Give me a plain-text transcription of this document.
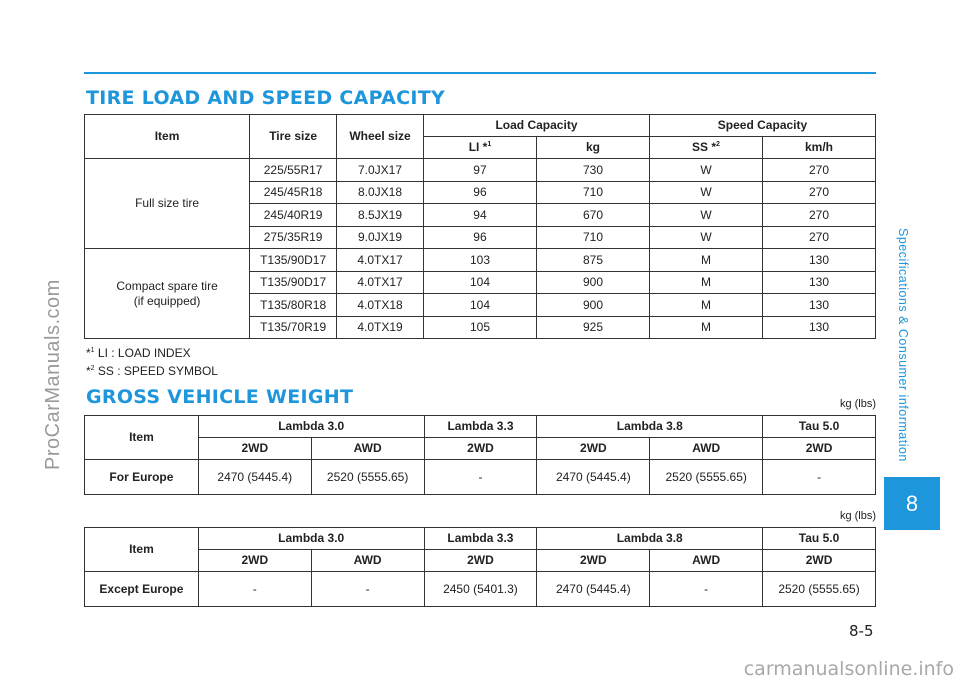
TIRE LOAD AND SPEED CAPACITY
Item	Tire size	Wheel size	Load Capacity		Speed Capacity	
			LI *$^1$	kg	SS *$^2$	km/h
Full size tire	225/55R17	7.0JX17	97	730	W	270
	245/45R18	8.0JX18	96	710	W	270
	245/40R19	8.5JX19	94	670	W	270
	275/35R19	9.0JX19	96	710	W	270
Compact spare tire
(if equipped)	T135/90D17	4.0TX17	103	875	M	130
	T135/90D17	4.0TX17	104	900	M	130
	T135/80R18	4.0TX18	104	900	M	130
	T135/70R19	4.0TX19	105	925	M	130
*$^1$ LI : LOAD INDEX
*$^2$ SS : SPEED SYMBOL
GROSS VEHICLE WEIGHT	kg (lbs)
Item	Lambda 3.0		Lambda 3.3	Lambda 3.8		Tau 5.0
	2WD	AWD	2WD	2WD	AWD	2WD
For Europe	2470 (5445.4)	2520 (5555.65)	-	2470 (5445.4)	2520 (5555.65)	-
kg (lbs)
Item	Lambda 3.0		Lambda 3.3	Lambda 3.8		Tau 5.0
	2WD	AWD	2WD	2WD	AWD	2WD
Except Europe	-	-	2450 (5401.3)	2470 (5445.4)	-	2520 (5555.65)
Specifications & Consumer information
8
8-5
ProCarManuals.com
carmanualsonline.info
